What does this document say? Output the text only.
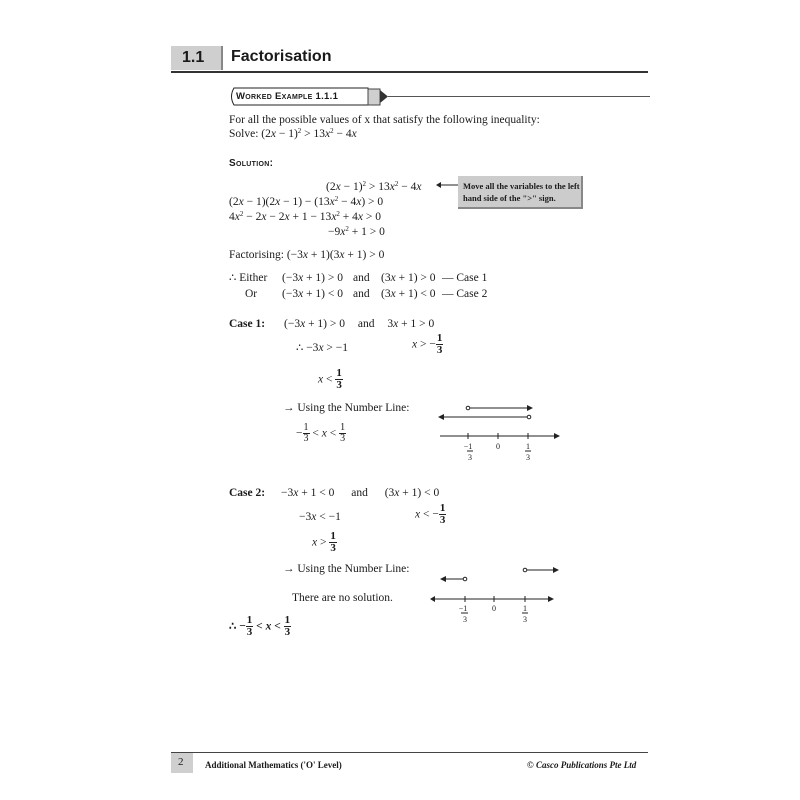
1.1 Factorisation
Worked Example 1.1.1
For all the possible values of x that satisfy the following inequality:
Solve: $(2x - 1)^2 > 13x^2 - 4x$
Solution:
$(2x - 1)^2 > 13x^2 - 4x$	Move all the variables to the left hand side of the ">" sign.
$(2x - 1)(2x - 1) - (13x^2 - 4x) > 0$
$4x^2 - 2x - 2x + 1 - 13x^2 + 4x > 0$
$-9x^2 + 1 > 0$
Factorising: (−3x + 1)(3x + 1) > 0
∴ Either (−3x + 1) > 0 and (3x + 1) > 0 — Case 1
Or (−3x + 1) < 0 and (3x + 1) < 0 — Case 2
Case 1: (−3x + 1) > 0 and 3x + 1 > 0
∴ −3x > −1	x > − $\frac{1}{3}$
$x < \frac{1}{3}$
→ Using the Number Line:
− $\frac{1}{3} < x < \frac{1}{3}$
−1
3
0	1
3
Case 2: −3x + 1 < 0 and (3x + 1) < 0
−3x < −1	x < − $\frac{1}{3}$
$x > \frac{1}{3}$
→ Using the Number Line:
There are no solution.
−1
3
0	1
3
∴ − $\frac{1}{3} < x < \frac{1}{3}$
2 Additional Mathematics ('O' Level)	© Casco Publications Pte Ltd
